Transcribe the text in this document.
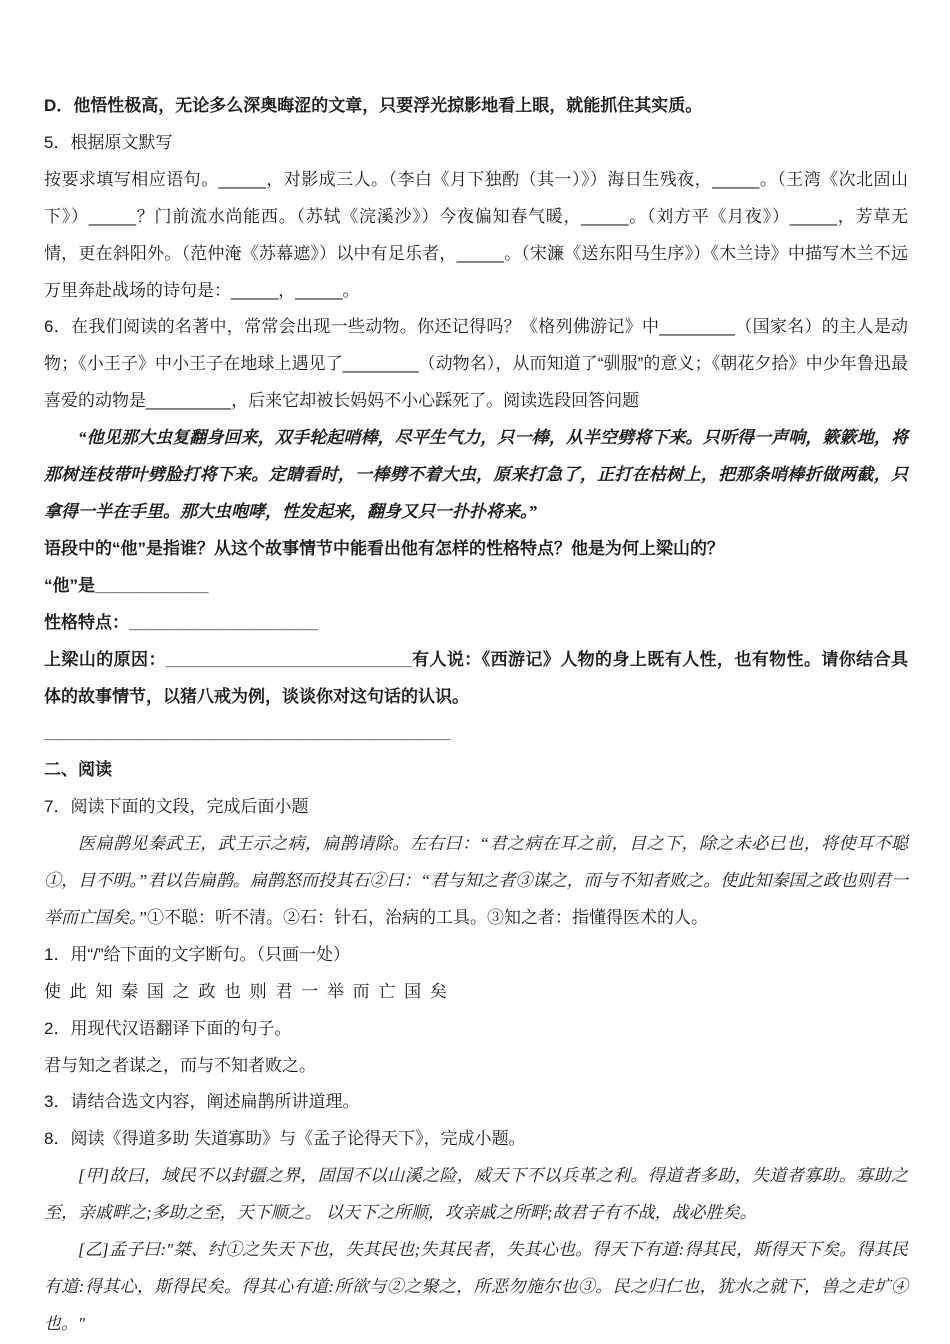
D．他悟性极高，无论多么深奥晦涩的文章，只要浮光掠影地看上眼，就能抓住其实质。

5．根据原文默写

按要求填写相应语句。_____，对影成三人。（李白《月下独酌（其一）》）海日生残夜，_____。（王湾《次北固山下》）_____？门前流水尚能西。（苏轼《浣溪沙》）今夜偏知春气暖，_____。（刘方平《月夜》）_____，芳草无情，更在斜阳外。（范仲淹《苏幕遮》）以中有足乐者，_____。（宋濂《送东阳马生序》）《木兰诗》中描写木兰不远万里奔赴战场的诗句是：_____，_____。

6．在我们阅读的名著中，常常会出现一些动物。你还记得吗？《格列佛游记》中________（国家名）的主人是动物；《小王子》中小王子在地球上遇见了________（动物名），从而知道了“驯服”的意义；《朝花夕拾》中少年鲁迅最喜爱的动物是_________，后来它却被长妈妈不小心踩死了。阅读选段回答问题

“他见那大虫复翻身回来，双手轮起哨棒，尽平生气力，只一棒，从半空劈将下来。只听得一声响，簌簌地，将那树连枝带叶劈脸打将下来。定睛看时，一棒劈不着大虫，原来打急了，正打在枯树上，把那条哨棒折做两截，只拿得一半在手里。那大虫咆哮，性发起来，翻身又只一扑扑将来。”

语段中的“他”是指谁？从这个故事情节中能看出他有怎样的性格特点？他是为何上梁山的？

“他”是____________

性格特点：____________________

上梁山的原因：__________________________有人说：《西游记》人物的身上既有人性，也有物性。请你结合具体的故事情节，以猪八戒为例，谈谈你对这句话的认识。

___________________________________________

二、阅读

7．阅读下面的文段，完成后面小题

医扁鹊见秦武王，武王示之病，扁鹊请除。左右曰：“君之病在耳之前，目之下，除之未必已也，将使耳不聪①，目不明。”君以告扁鹊。扁鹊怒而投其石②曰：“君与知之者③谋之，而与不知者败之。使此知秦国之政也则君一举而亡国矣。”①不聪：听不清。②石：针石，治病的工具。③知之者：指懂得医术的人。

1．用“/”给下面的文字断句。（只画一处）

使 此 知 秦 国 之 政 也 则 君 一 举 而 亡 国 矣

2．用现代汉语翻译下面的句子。

君与知之者谋之，而与不知者败之。

3．请结合选文内容，阐述扁鹊所讲道理。

8．阅读《得道多助 失道寡助》与《孟子论得天下》，完成小题。

[甲]故曰，域民不以封疆之界，固国不以山溪之险，威天下不以兵革之利。得道者多助，失道者寡助。寡助之至，亲戚畔之;多助之至，天下顺之。 以天下之所顺，攻亲戚之所畔;故君子有不战，战必胜矣。

[乙]孟子曰:"桀、纣①之失天下也，失其民也;失其民者，失其心也。得天下有道:得其民，斯得天下矣。得其民有道:得其心，斯得民矣。得其心有道:所欲与②之聚之，所恶勿施尔也③。民之归仁也，犹水之就下，兽之走圹④也。"
